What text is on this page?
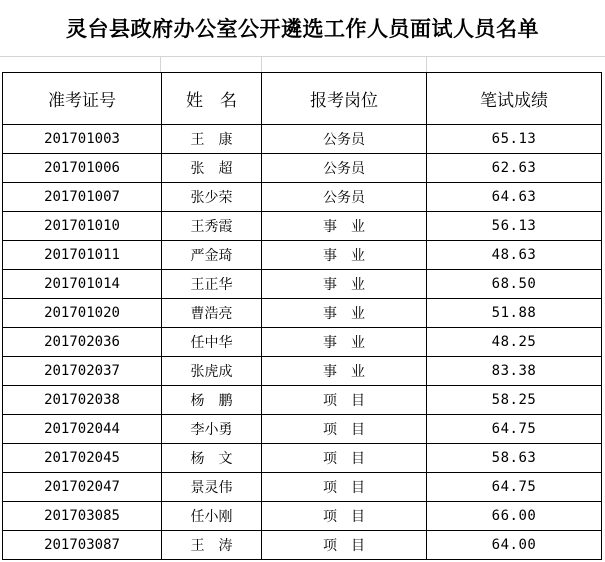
灵台县政府办公室公开遴选工作人员面试人员名单
准考证号	姓　名	报考岗位	笔试成绩
201701003	王　康	公务员	65.13
201701006	张　超	公务员	62.63
201701007	张少荣	公务员	64.63
201701010	王秀霞	事　业	56.13
201701011	严金琦	事　业	48.63
201701014	王正华	事　业	68.50
201701020	曹浩亮	事　业	51.88
201702036	任中华	事　业	48.25
201702037	张虎成	事　业	83.38
201702038	杨　鹏	项　目	58.25
201702044	李小勇	项　目	64.75
201702045	杨　文	项　目	58.63
201702047	景灵伟	项　目	64.75
201703085	任小刚	项　目	66.00
201703087	王　涛	项　目	64.00
